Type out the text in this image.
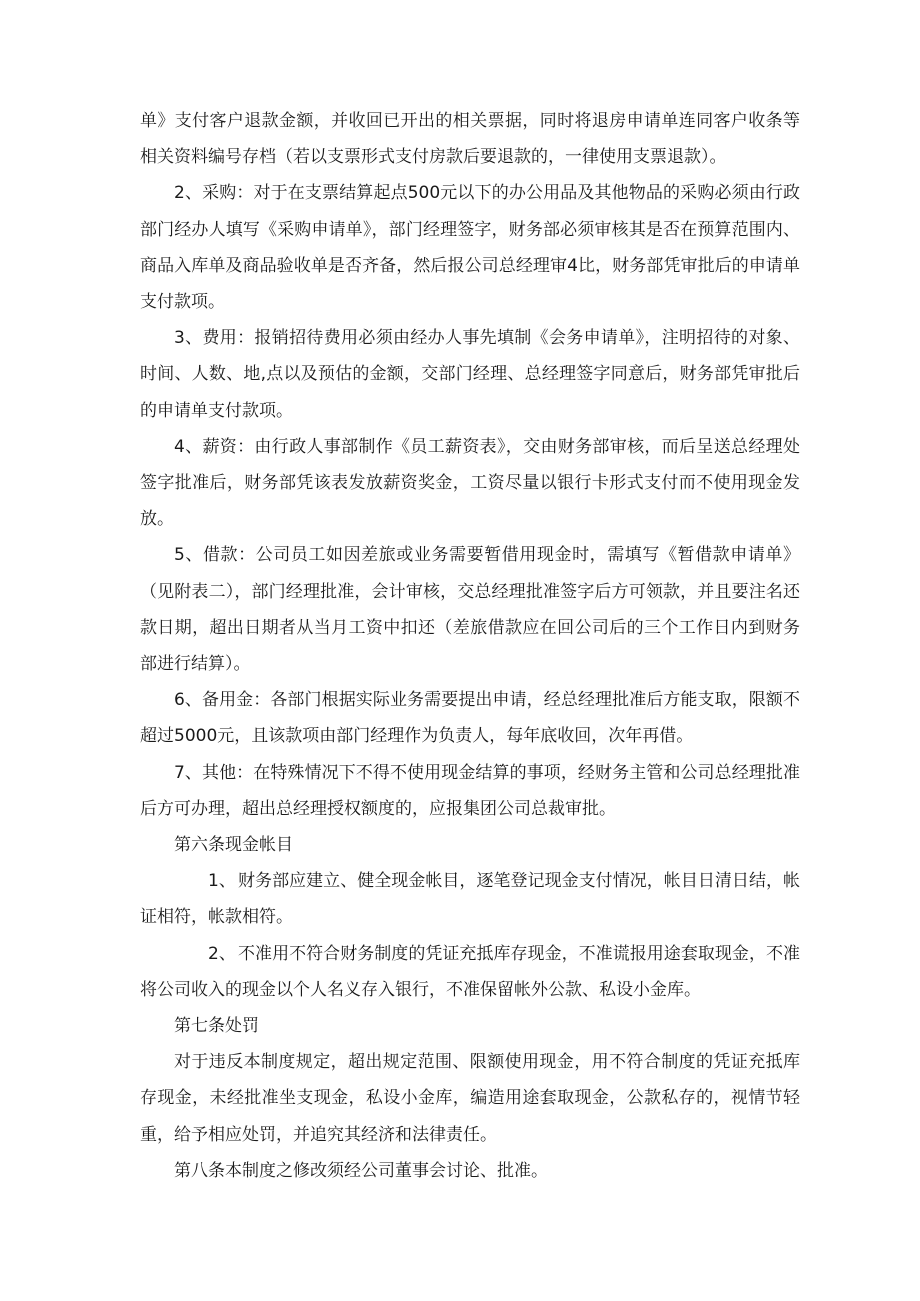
单》支付客户退款金额，并收回已开出的相关票据，同时将退房申请单连同客户收条等相关资料编号存档（若以支票形式支付房款后要退款的，一律使用支票退款）。

2、采购：对于在支票结算起点500元以下的办公用品及其他物品的采购必须由行政部门经办人填写《采购申请单》，部门经理签字，财务部必须审核其是否在预算范围内、商品入库单及商品验收单是否齐备，然后报公司总经理审4比，财务部凭审批后的申请单支付款项。

3、费用：报销招待费用必须由经办人事先填制《会务申请单》，注明招待的对象、时间、人数、地,点以及预估的金额，交部门经理、总经理签字同意后，财务部凭审批后的申请单支付款项。

4、薪资：由行政人事部制作《员工薪资表》，交由财务部审核，而后呈送总经理处签字批准后，财务部凭该表发放薪资奖金，工资尽量以银行卡形式支付而不使用现金发放。

5、借款：公司员工如因差旅或业务需要暂借用现金时，需填写《暂借款申请单》（见附表二），部门经理批准，会计审核，交总经理批准签字后方可领款，并且要注名还款日期，超出日期者从当月工资中扣还（差旅借款应在回公司后的三个工作日内到财务部进行结算）。

6、备用金：各部门根据实际业务需要提出申请，经总经理批准后方能支取，限额不超过5000元，且该款项由部门经理作为负责人，每年底收回，次年再借。

7、其他：在特殊情况下不得不使用现金结算的事项，经财务主管和公司总经理批准后方可办理，超出总经理授权额度的，应报集团公司总裁审批。

第六条现金帐目

1、 财务部应建立、健全现金帐目，逐笔登记现金支付情况，帐目日清日结，帐证相符，帐款相符。

2、 不准用不符合财务制度的凭证充抵库存现金，不准谎报用途套取现金，不准将公司收入的现金以个人名义存入银行，不准保留帐外公款、私设小金库。

第七条处罚

对于违反本制度规定，超出规定范围、限额使用现金，用不符合制度的凭证充抵库存现金，未经批准坐支现金，私设小金库，编造用途套取现金，公款私存的，视情节轻重，给予相应处罚，并追究其经济和法律责任。

第八条本制度之修改须经公司董事会讨论、批准。
